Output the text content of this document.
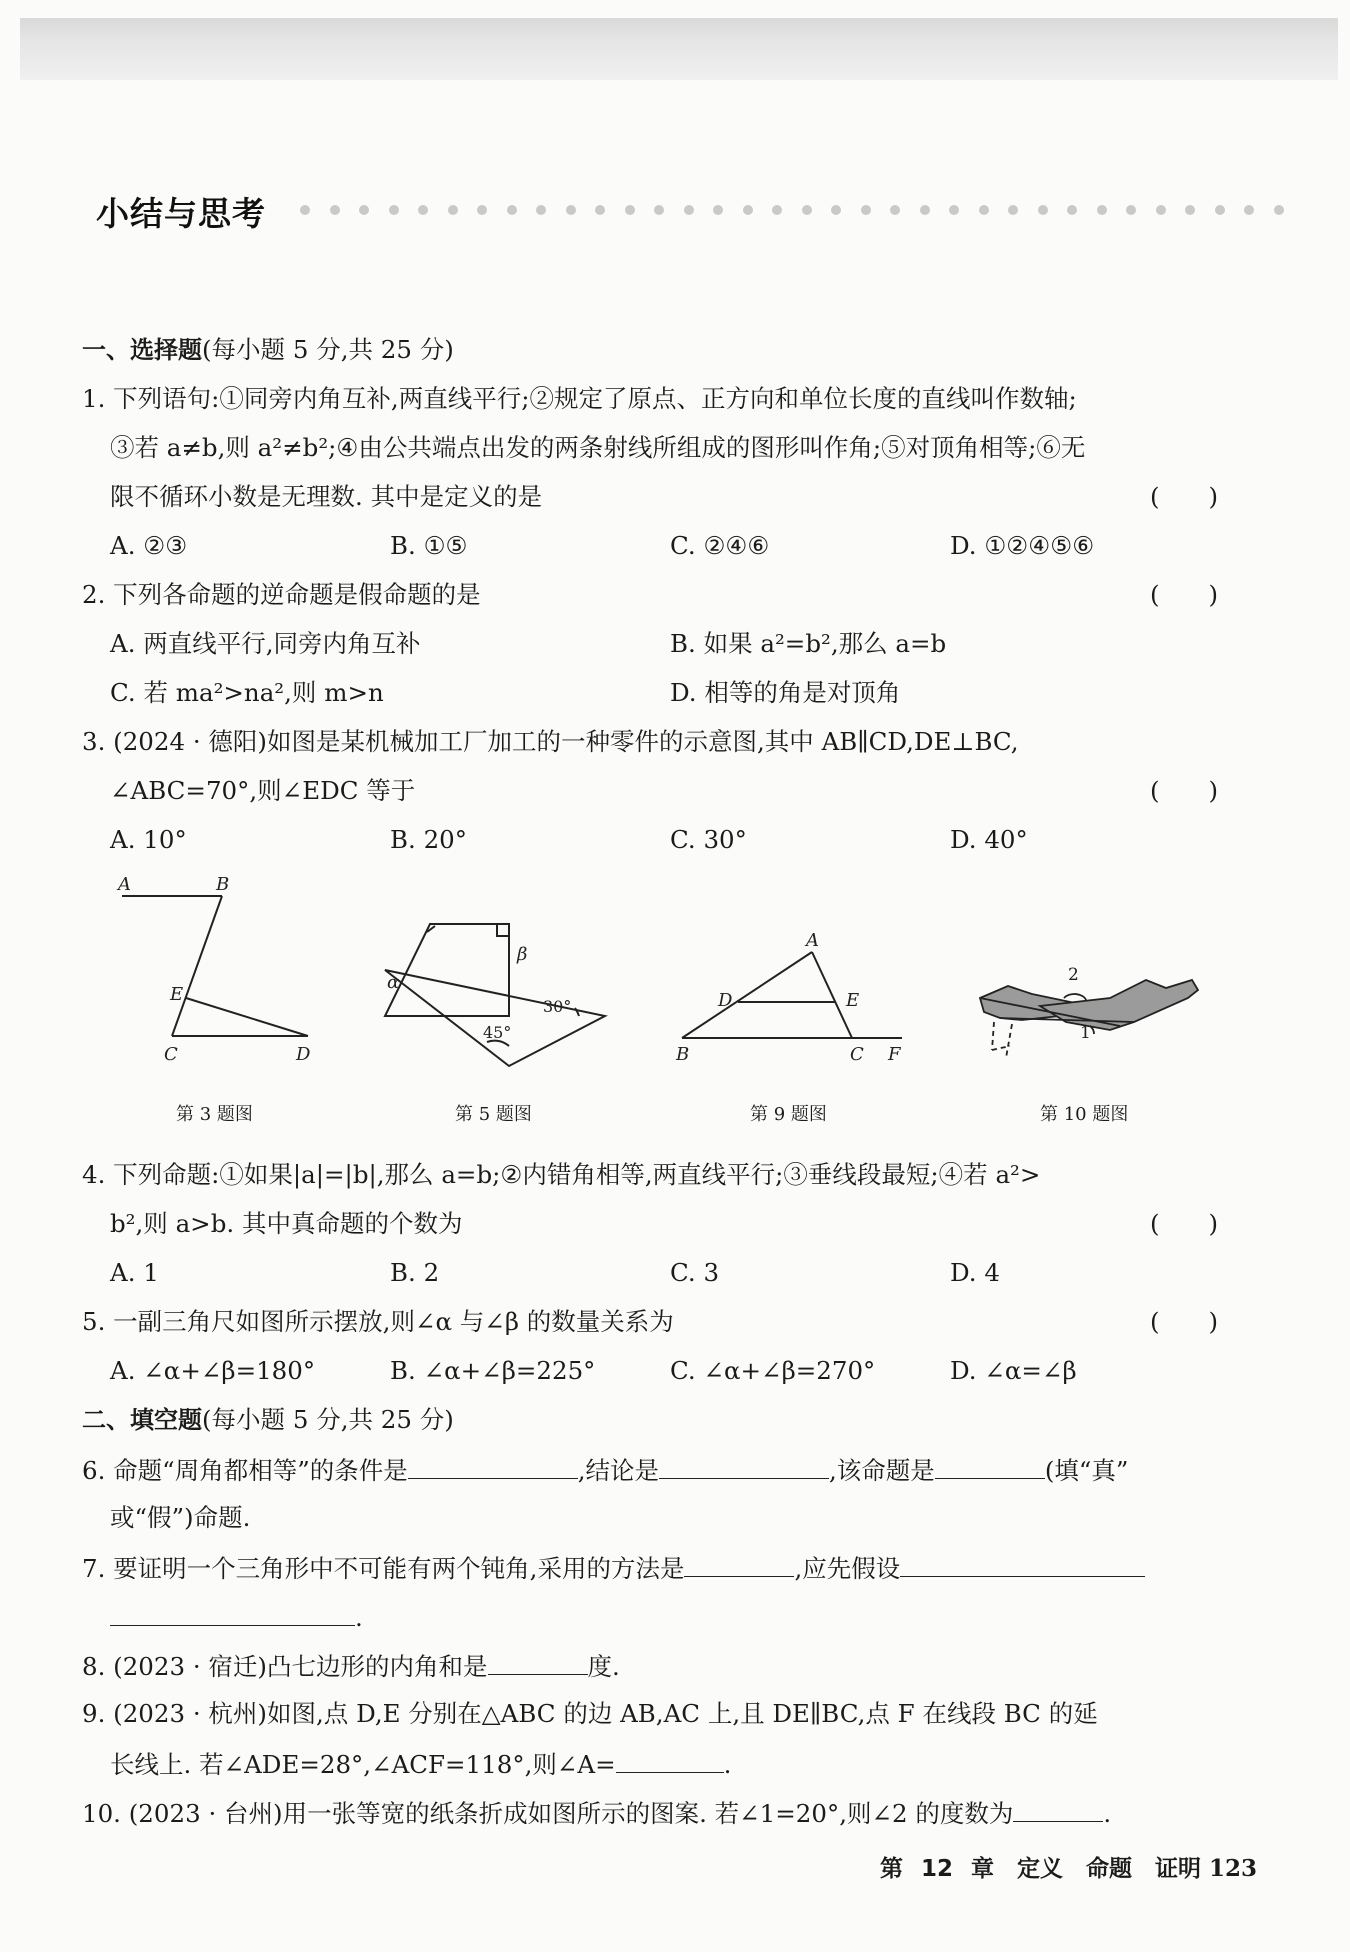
小结与思考
一、选择题(每小题 5 分,共 25 分)
1. 下列语句:①同旁内角互补,两直线平行;②规定了原点、正方向和单位长度的直线叫作数轴;
③若 a≠b,则 a²≠b²;④由公共端点出发的两条射线所组成的图形叫作角;⑤对顶角相等;⑥无
限不循环小数是无理数. 其中是定义的是	(　　)
A. ②③	B. ①⑤	C. ②④⑥	D. ①②④⑤⑥
2. 下列各命题的逆命题是假命题的是	(　　)
A. 两直线平行,同旁内角互补	B. 如果 a²=b²,那么 a=b
C. 若 ma²>na²,则 m>n	D. 相等的角是对顶角
3. (2024 · 德阳)如图是某机械加工厂加工的一种零件的示意图,其中 AB∥CD,DE⊥BC,
∠ABC=70°,则∠EDC 等于	(　　)
A. 10°	B. 20°	C. 30°	D. 40°
A	B
E
C	D
第 3 题图
α
β
30°
45°
第 5 题图
A
D	E
B	C F
第 9 题图
2
1
第 10 题图
4. 下列命题:①如果|a|=|b|,那么 a=b;②内错角相等,两直线平行;③垂线段最短;④若 a²>
b²,则 a>b. 其中真命题的个数为	(　　)
A. 1	B. 2	C. 3	D. 4
5. 一副三角尺如图所示摆放,则∠α 与∠β 的数量关系为	(　　)
A. ∠α+∠β=180°	B. ∠α+∠β=225°	C. ∠α+∠β=270°	D. ∠α=∠β
二、填空题(每小题 5 分,共 25 分)
6. 命题“周角都相等”的条件是	,结论是	,该命题是	(填“真”
或“假”)命题.
7. 要证明一个三角形中不可能有两个钝角,采用的方法是	,应先假设
.
8. (2023 · 宿迁)凸七边形的内角和是	度.
9. (2023 · 杭州)如图,点 D,E 分别在△ABC 的边 AB,AC 上,且 DE∥BC,点 F 在线段 BC 的延
长线上. 若∠ADE=28°,∠ACF=118°,则∠A=	.
10. (2023 · 台州)用一张等宽的纸条折成如图所示的图案. 若∠1=20°,则∠2 的度数为	.
第 12 章　定义　命题　证明 123
